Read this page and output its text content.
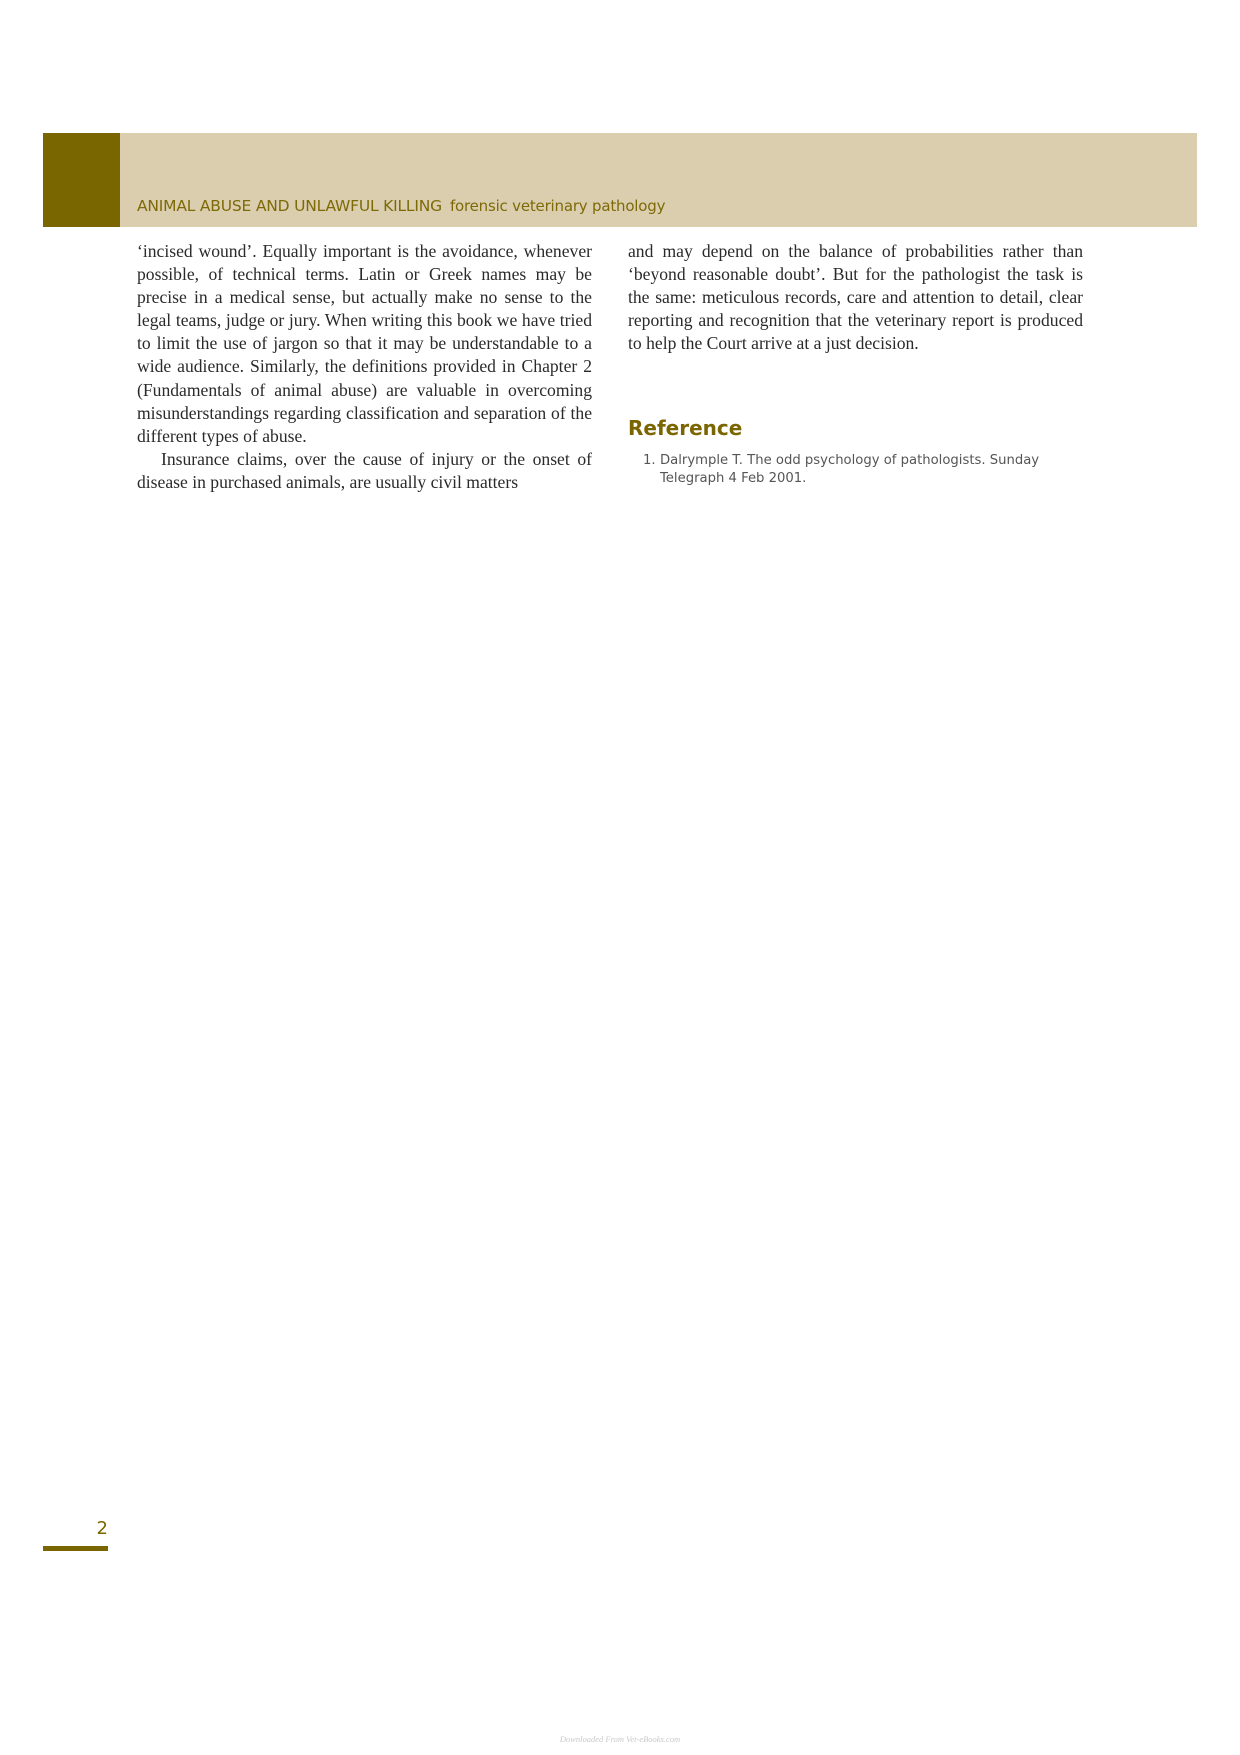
ANIMAL ABUSE AND UNLAWFUL KILLING forensic veterinary pathology

‘incised wound’. Equally important is the avoidance, whenever possible, of technical terms. Latin or Greek names may be precise in a medical sense, but actually make no sense to the legal teams, judge or jury. When writing this book we have tried to limit the use of jargon so that it may be understandable to a wide audience. Similarly, the definitions provided in Chapter 2 (Fundamentals of animal abuse) are valuable in overcoming misunderstandings regarding classification and separation of the different types of abuse.

Insurance claims, over the cause of injury or the onset of disease in purchased animals, are usually civil matters

and may depend on the balance of probabilities rather than ‘beyond reasonable doubt’. But for the pathologist the task is the same: meticulous records, care and attention to detail, clear reporting and recognition that the veterinary report is produced to help the Court arrive at a just decision.

Reference
1. Dalrymple T. The odd psychology of pathologists. Sunday Telegraph 4 Feb 2001.
2
Downloaded From Vet-eBooks.com
